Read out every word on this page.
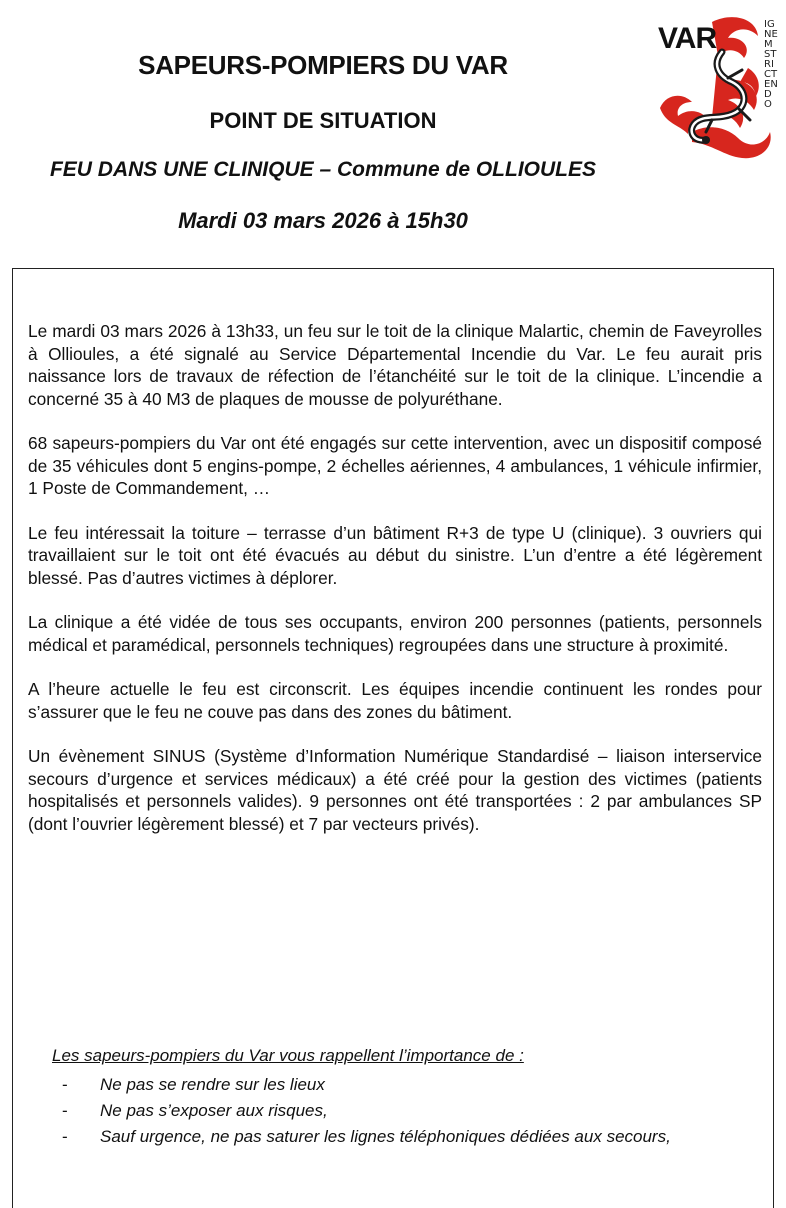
SAPEURS-POMPIERS DU VAR
POINT DE SITUATION
FEU DANS UNE CLINIQUE – Commune de OLLIOULES
Mardi 03 mars 2026 à 15h30
VAR	IGNEM STRICTENDO

Le mardi 03 mars 2026 à 13h33, un feu sur le toit de la clinique Malartic, chemin de Faveyrolles à Ollioules, a été signalé au Service Départemental Incendie du Var. Le feu aurait pris naissance lors de travaux de réfection de l’étanchéité sur le toit de la clinique. L’incendie a concerné 35 à 40 M3 de plaques de mousse de polyuréthane.

68 sapeurs-pompiers du Var ont été engagés sur cette intervention, avec un dispositif composé de 35 véhicules dont 5 engins-pompe, 2 échelles aériennes, 4 ambulances, 1 véhicule infirmier, 1 Poste de Commandement, …

Le feu intéressait la toiture – terrasse d’un bâtiment R+3 de type U (clinique). 3 ouvriers qui travaillaient sur le toit ont été évacués au début du sinistre. L’un d’entre a été légèrement blessé. Pas d’autres victimes à déplorer.

La clinique a été vidée de tous ses occupants, environ 200 personnes (patients, personnels médical et paramédical, personnels techniques) regroupées dans une structure à proximité.

A l’heure actuelle le feu est circonscrit. Les équipes incendie continuent les rondes pour s’assurer que le feu ne couve pas dans des zones du bâtiment.

Un évènement SINUS (Système d’Information Numérique Standardisé – liaison interservice secours d’urgence et services médicaux) a été créé pour la gestion des victimes (patients hospitalisés et personnels valides). 9 personnes ont été transportées : 2 par ambulances SP (dont l’ouvrier légèrement blessé) et 7 par vecteurs privés).

Les sapeurs-pompiers du Var vous rappellent l’importance de :

-	Ne pas se rendre sur les lieux
-	Ne pas s’exposer aux risques,
-	Sauf urgence, ne pas saturer les lignes téléphoniques dédiées aux secours,
